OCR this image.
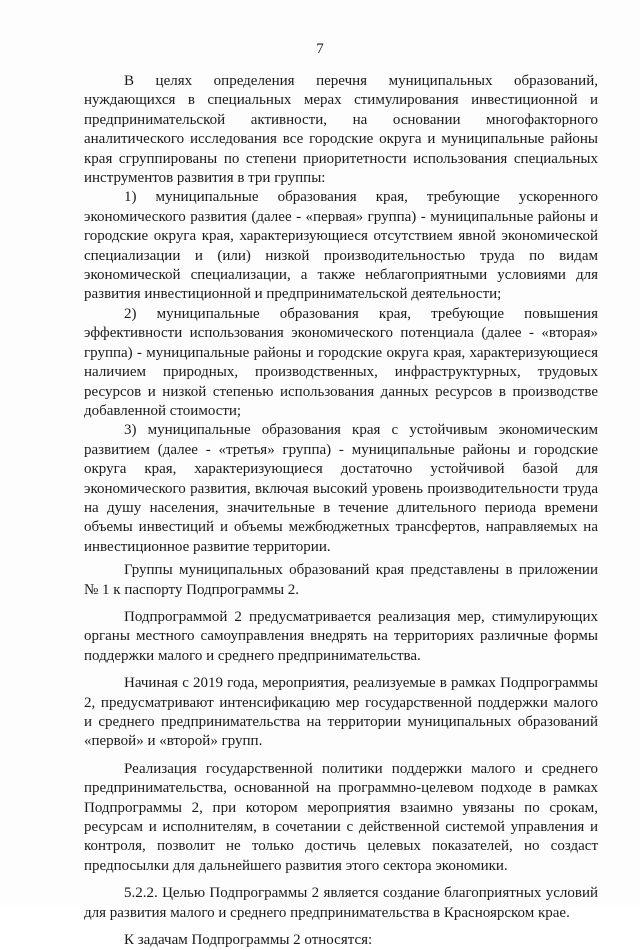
7

В целях определения перечня муниципальных образований, нуждающихся в специальных мерах стимулирования инвестиционной и предпринимательской активности, на основании многофакторного аналитического исследования все городские округа и муниципальные районы края сгруппированы по степени приоритетности использования специальных инструментов развития в три группы:

1) муниципальные образования края, требующие ускоренного экономического развития (далее - «первая» группа) - муниципальные районы и городские округа края, характеризующиеся отсутствием явной экономической специализации и (или) низкой производительностью труда по видам экономической специализации, а также неблагоприятными условиями для развития инвестиционной и предпринимательской деятельности;

2) муниципальные образования края, требующие повышения эффективности использования экономического потенциала (далее - «вторая» группа) - муниципальные районы и городские округа края, характеризующиеся наличием природных, производственных, инфраструктурных, трудовых ресурсов и низкой степенью использования данных ресурсов в производстве добавленной стоимости;

3) муниципальные образования края с устойчивым экономическим развитием (далее - «третья» группа) - муниципальные районы и городские округа края, характеризующиеся достаточно устойчивой базой для экономического развития, включая высокий уровень производительности труда на душу населения, значительные в течение длительного периода времени объемы инвестиций и объемы межбюджетных трансфертов, направляемых на инвестиционное развитие территории.

Группы муниципальных образований края представлены в приложении № 1 к паспорту Подпрограммы 2.

Подпрограммой 2 предусматривается реализация мер, стимулирующих органы местного самоуправления внедрять на территориях различные формы поддержки малого и среднего предпринимательства.

Начиная с 2019 года, мероприятия, реализуемые в рамках Подпрограммы 2, предусматривают интенсификацию мер государственной поддержки малого и среднего предпринимательства на территории муниципальных образований «первой» и «второй» групп.

Реализация государственной политики поддержки малого и среднего предпринимательства, основанной на программно-целевом подходе в рамках Подпрограммы 2, при котором мероприятия взаимно увязаны по срокам, ресурсам и исполнителям, в сочетании с действенной системой управления и контроля, позволит не только достичь целевых показателей, но создаст предпосылки для дальнейшего развития этого сектора экономики.

5.2.2. Целью Подпрограммы 2 является создание благоприятных условий для развития малого и среднего предпринимательства в Красноярском крае.

К задачам Подпрограммы 2 относятся:
